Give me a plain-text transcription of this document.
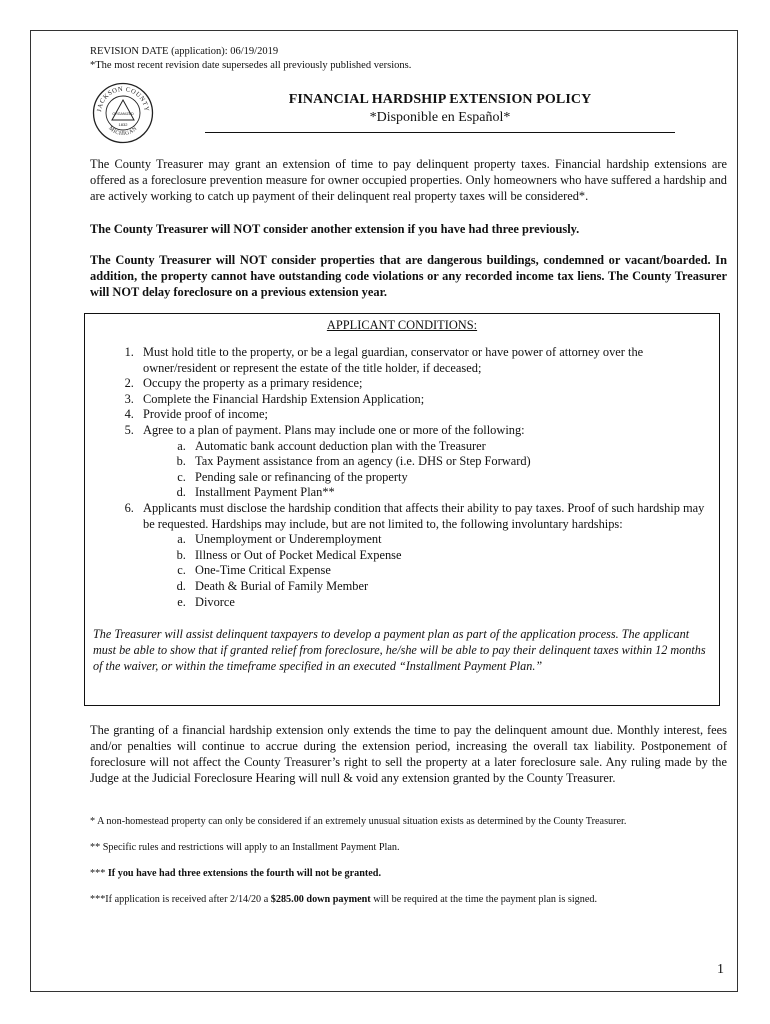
REVISION DATE (application): 06/19/2019
*The most recent revision date supersedes all previously published versions.
JACKSON COUNTY
MICHIGAN
ORGANIZED
1832
FINANCIAL HARDSHIP EXTENSION POLICY
*Disponible en Español*
The County Treasurer may grant an extension of time to pay delinquent property taxes. Financial hardship extensions are offered as a foreclosure prevention measure for owner occupied properties. Only homeowners who have suffered a hardship and are actively working to catch up payment of their delinquent real property taxes will be considered*.
The County Treasurer will NOT consider another extension if you have had three previously.
The County Treasurer will NOT consider properties that are dangerous buildings, condemned or vacant/boarded. In addition, the property cannot have outstanding code violations or any recorded income tax liens. The County Treasurer will NOT delay foreclosure on a previous extension year.
APPLICANT CONDITIONS:
1. Must hold title to the property, or be a legal guardian, conservator or have power of attorney over the owner/resident or represent the estate of the title holder, if deceased;
2. Occupy the property as a primary residence;
3. Complete the Financial Hardship Extension Application;
4. Provide proof of income;
5. Agree to a plan of payment. Plans may include one or more of the following:
a. Automatic bank account deduction plan with the Treasurer
b. Tax Payment assistance from an agency (i.e. DHS or Step Forward)
c. Pending sale or refinancing of the property
d. Installment Payment Plan**
6. Applicants must disclose the hardship condition that affects their ability to pay taxes. Proof of such hardship may be requested. Hardships may include, but are not limited to, the following involuntary hardships:
a. Unemployment or Underemployment
b. Illness or Out of Pocket Medical Expense
c. One-Time Critical Expense
d. Death & Burial of Family Member
e. Divorce
The Treasurer will assist delinquent taxpayers to develop a payment plan as part of the application process. The applicant must be able to show that if granted relief from foreclosure, he/she will be able to pay their delinquent taxes within 12 months of the waiver, or within the timeframe specified in an executed “Installment Payment Plan.”
The granting of a financial hardship extension only extends the time to pay the delinquent amount due. Monthly interest, fees and/or penalties will continue to accrue during the extension period, increasing the overall tax liability. Postponement of foreclosure will not affect the County Treasurer’s right to sell the property at a later foreclosure sale. Any ruling made by the Judge at the Judicial Foreclosure Hearing will null & void any extension granted by the County Treasurer.
* A non-homestead property can only be considered if an extremely unusual situation exists as determined by the County Treasurer.
** Specific rules and restrictions will apply to an Installment Payment Plan.
*** If you have had three extensions the fourth will not be granted.
***If application is received after 2/14/20 a $285.00 down payment will be required at the time the payment plan is signed.
1
